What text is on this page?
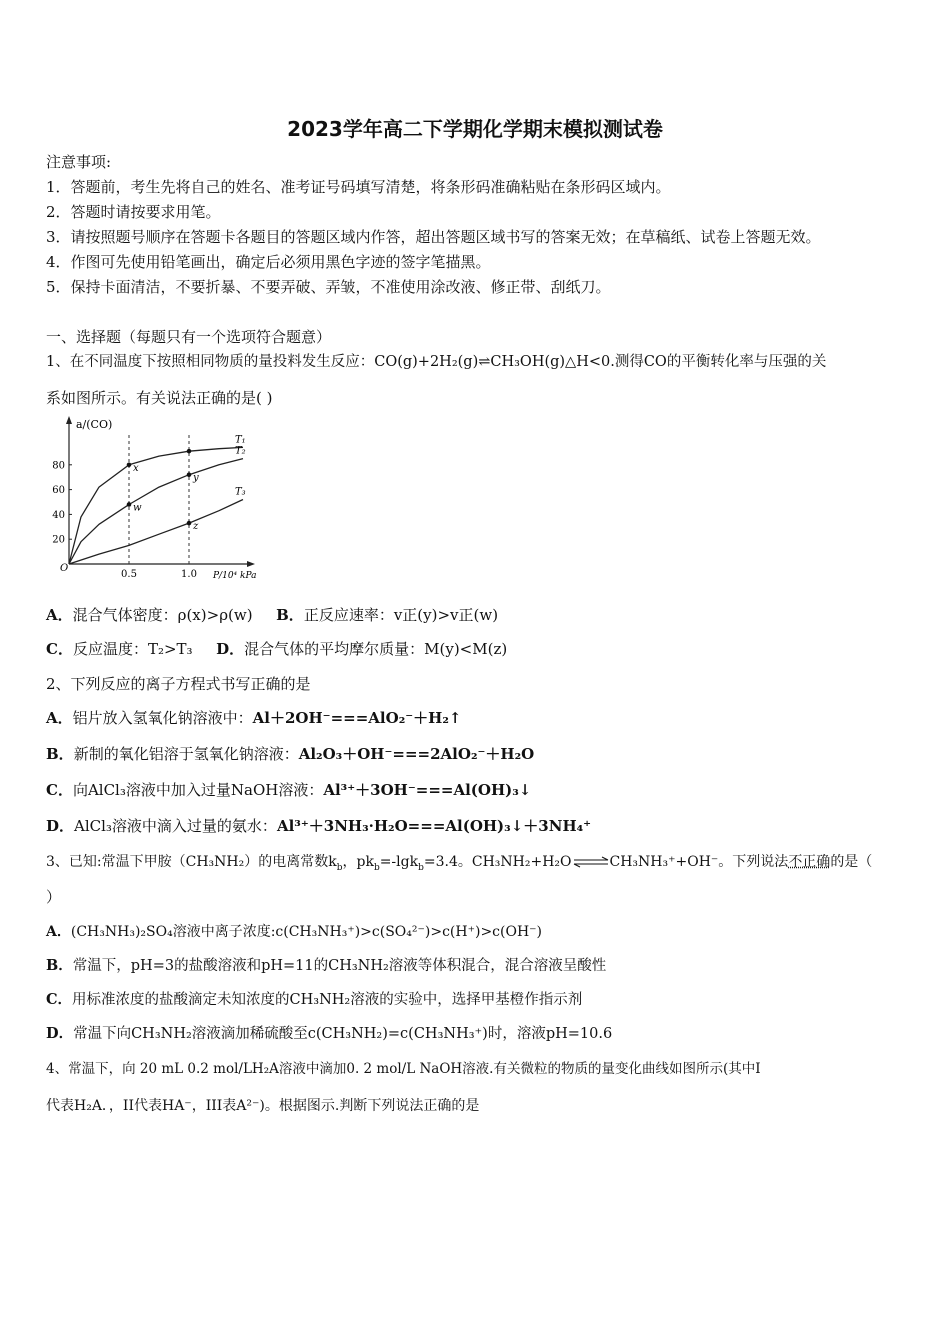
2023学年高二下学期化学期末模拟测试卷
注意事项:
1．答题前，考生先将自己的姓名、准考证号码填写清楚，将条形码准确粘贴在条形码区域内。
2．答题时请按要求用笔。
3．请按照题号顺序在答题卡各题目的答题区域内作答，超出答题区域书写的答案无效；在草稿纸、试卷上答题无效。
4．作图可先使用铅笔画出，确定后必须用黑色字迹的签字笔描黑。
5．保持卡面清洁，不要折暴、不要弄破、弄皱，不准使用涂改液、修正带、刮纸刀。
一、选择题（每题只有一个选项符合题意）
1、在不同温度下按照相同物质的量投料发生反应：CO(g)+2H₂(g)⇌CH₃OH(g)△H<0.测得CO的平衡转化率与压强的关
系如图所示。有关说法正确的是( )
a/(CO)
P/10⁴ kPa
O
20
40
60
80
0.5	1.0
T₁
T₂
T₃
x
w
y
z
A．混合气体密度：ρ(x)>ρ(w) B．正反应速率：v正(y)>v正(w)
C．反应温度：T₂>T₃ D．混合气体的平均摩尔质量：M(y)<M(z)
2、下列反应的离子方程式书写正确的是
A．铝片放入氢氧化钠溶液中：Al＋2OH⁻===AlO₂⁻＋H₂↑
B．新制的氧化铝溶于氢氧化钠溶液：Al₂O₃＋OH⁻===2AlO₂⁻＋H₂O
C．向AlCl₃溶液中加入过量NaOH溶液：Al³⁺＋3OH⁻===Al(OH)₃↓
D．AlCl₃溶液中滴入过量的氨水：Al³⁺＋3NH₃·H₂O===Al(OH)₃↓＋3NH₄⁺
3、已知:常温下甲胺（CH₃NH₂）的电离常数$k_b$，$pk_b=-\lg k_b=3.4$。CH₃NH₂+H₂O⇌CH₃NH₃⁺+OH⁻。下列说法不正确的是（
）
A．(CH₃NH₃)₂SO₄溶液中离子浓度:c(CH₃NH₃⁺)>c(SO₄²⁻)>c(H⁺)>c(OH⁻)
B．常温下，pH=3的盐酸溶液和pH=11的CH₃NH₂溶液等体积混合，混合溶液呈酸性
C．用标准浓度的盐酸滴定未知浓度的CH₃NH₂溶液的实验中，选择甲基橙作指示剂
D．常温下向CH₃NH₂溶液滴加稀硫酸至c(CH₃NH₂)=c(CH₃NH₃⁺)时，溶液pH=10.6
4、常温下，向 20 mL 0.2 mol/LH₂A溶液中滴加0. 2 mol/L NaOH溶液.有关微粒的物质的量变化曲线如图所示(其中I
代表H₂A．，II代表HA⁻，III表A²⁻)。根据图示.判断下列说法正确的是
